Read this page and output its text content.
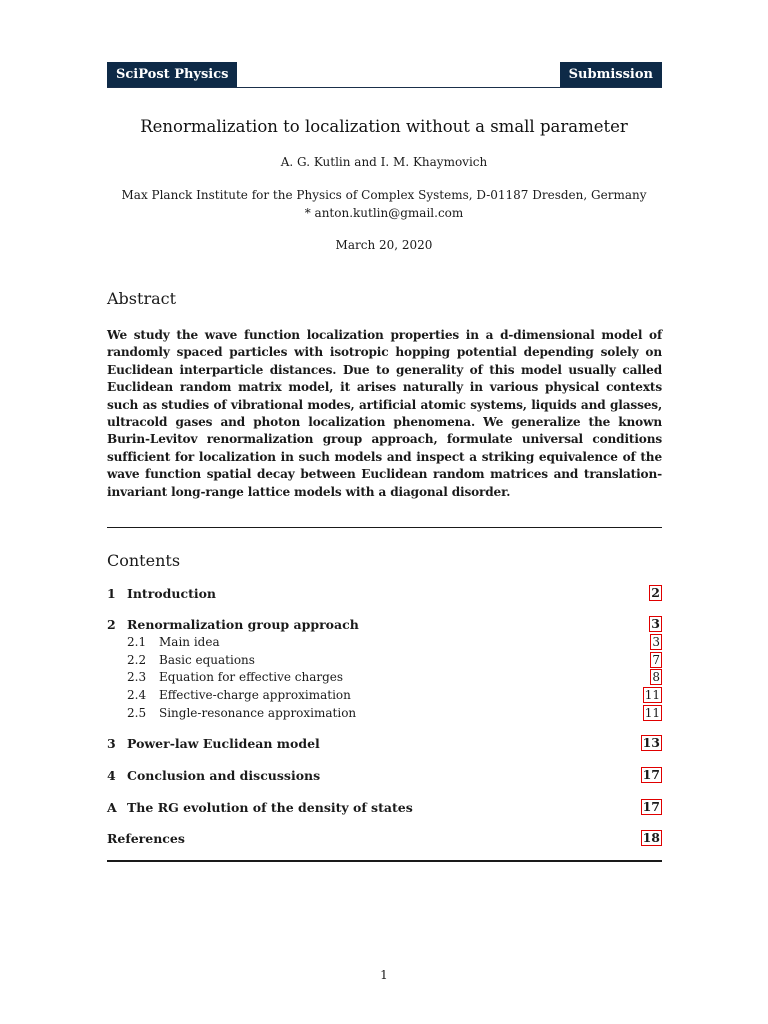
SciPost Physics	Submission
Renormalization to localization without a small parameter
A. G. Kutlin and I. M. Khaymovich
Max Planck Institute for the Physics of Complex Systems, D-01187 Dresden, Germany
* anton.kutlin@gmail.com
March 20, 2020
Abstract
We study the wave function localization properties in a d-dimensional model of randomly spaced particles with isotropic hopping potential depending solely on Euclidean interparticle distances. Due to generality of this model usually called Euclidean random matrix model, it arises naturally in various physical contexts such as studies of vibrational modes, artificial atomic systems, liquids and glasses, ultracold gases and photon localization phenomena. We generalize the known Burin-Levitov renormalization group approach, formulate universal conditions sufficient for localization in such models and inspect a striking equivalence of the wave function spatial decay between Euclidean random matrices and translation-invariant long-range lattice models with a diagonal disorder.
Contents
1 Introduction	2
2 Renormalization group approach	3
2.1 Main idea	3
2.2 Basic equations	7
2.3 Equation for effective charges	8
2.4 Effective-charge approximation	11
2.5 Single-resonance approximation	11
3 Power-law Euclidean model	13
4 Conclusion and discussions	17
A The RG evolution of the density of states	17
References	18
1
